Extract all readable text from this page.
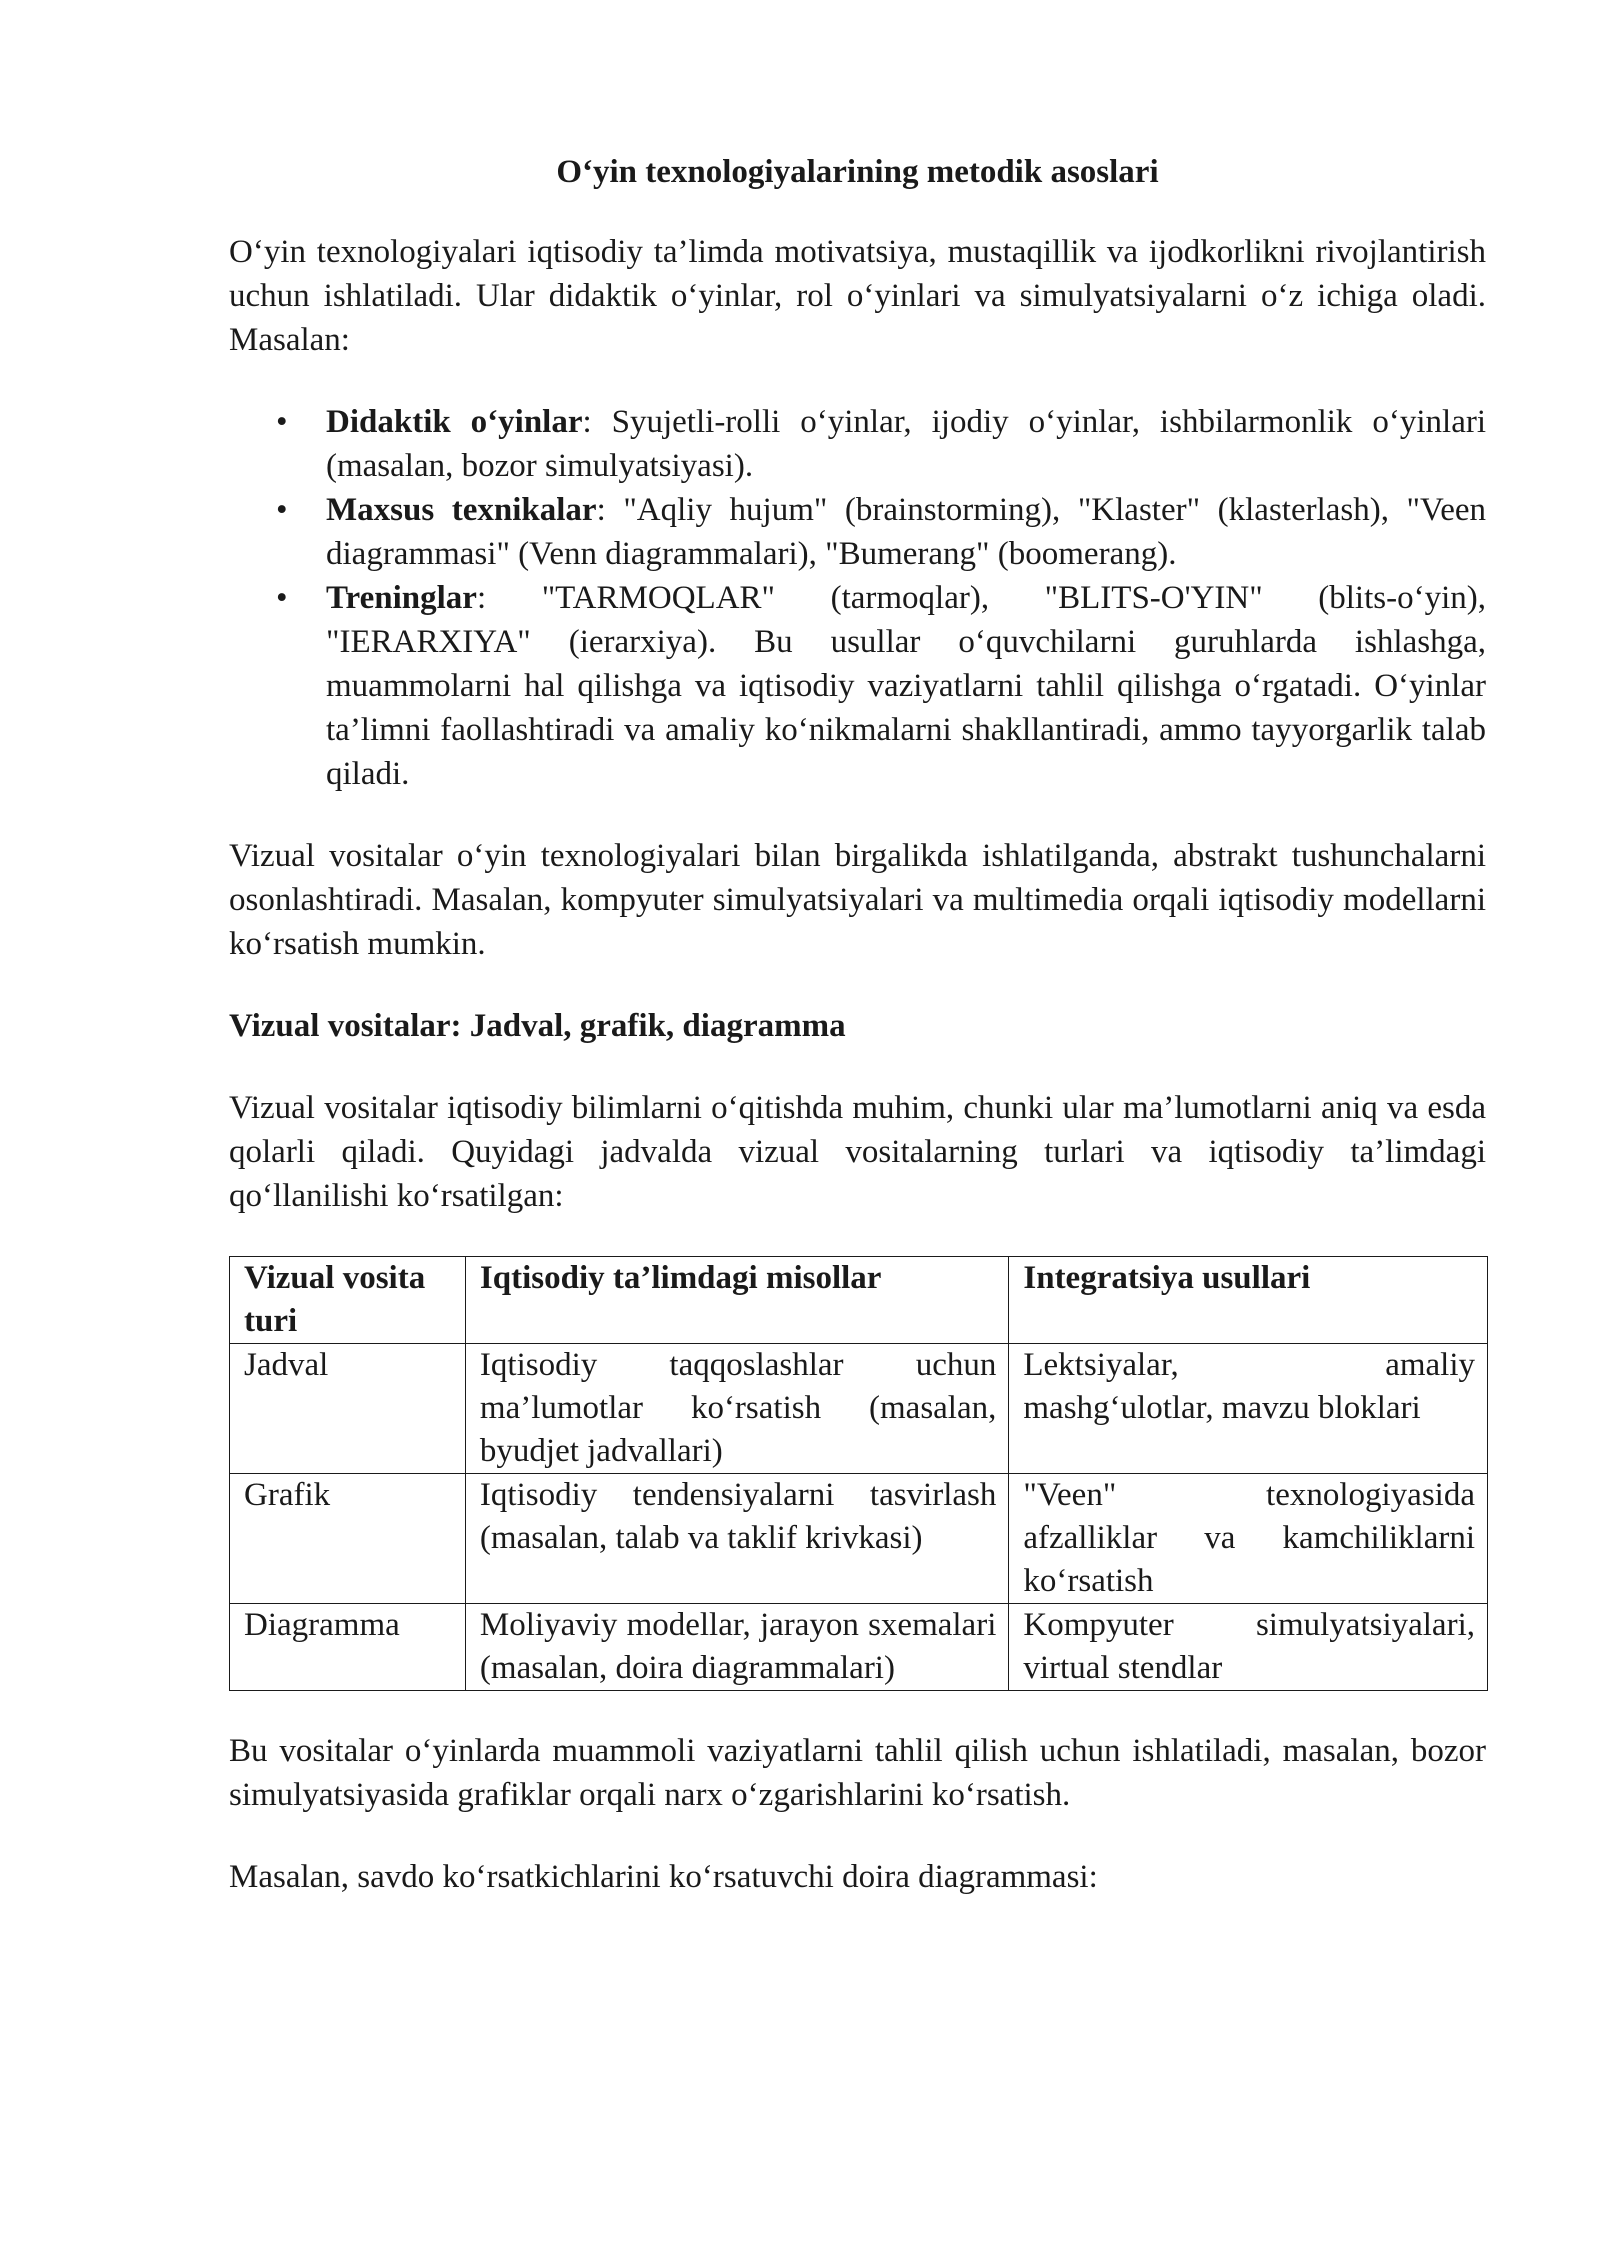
O‘yin texnologiyalarining metodik asoslari

O‘yin texnologiyalari iqtisodiy ta’limda motivatsiya, mustaqillik va ijodkorlikni rivojlantirish uchun ishlatiladi. Ular didaktik o‘yinlar, rol o‘yinlari va simulyatsiyalarni o‘z ichiga oladi. Masalan:

• Didaktik o‘yinlar: Syujetli-rolli o‘yinlar, ijodiy o‘yinlar, ishbilarmonlik o‘yinlari (masalan, bozor simulyatsiyasi).
• Maxsus texnikalar: "Aqliy hujum" (brainstorming), "Klaster" (klasterlash), "Veen diagrammasi" (Venn diagrammalari), "Bumerang" (boomerang).
• Treninglar: "TARMOQLAR" (tarmoqlar), "BLITS-O'YIN" (blits-o‘yin), "IERARXIYA" (ierarxiya). Bu usullar o‘quvchilarni guruhlarda ishlashga, muammolarni hal qilishga va iqtisodiy vaziyatlarni tahlil qilishga o‘rgatadi. O‘yinlar ta’limni faollashtiradi va amaliy ko‘nikmalarni shakllantiradi, ammo tayyorgarlik talab qiladi.

Vizual vositalar o‘yin texnologiyalari bilan birgalikda ishlatilganda, abstrakt tushunchalarni osonlashtiradi. Masalan, kompyuter simulyatsiyalari va multimedia orqali iqtisodiy modellarni ko‘rsatish mumkin.

Vizual vositalar: Jadval, grafik, diagramma

Vizual vositalar iqtisodiy bilimlarni o‘qitishda muhim, chunki ular ma’lumotlarni aniq va esda qolarli qiladi. Quyidagi jadvalda vizual vositalarning turlari va iqtisodiy ta’limdagi qo‘llanilishi ko‘rsatilgan:

Vizual vosita turi	Iqtisodiy ta’limdagi misollar	Integratsiya usullari
Jadval	Iqtisodiy taqqoslashlar uchun ma’lumotlar ko‘rsatish (masalan, byudjet jadvallari)	Lektsiyalar, amaliy mashg‘ulotlar, mavzu bloklari
Grafik	Iqtisodiy tendensiyalarni tasvirlash (masalan, talab va taklif krivkasi)	"Veen" texnologiyasida afzalliklar va kamchiliklarni ko‘rsatish
Diagramma	Moliyaviy modellar, jarayon sxemalari (masalan, doira diagrammalari)	Kompyuter simulyatsiyalari, virtual stendlar

Bu vositalar o‘yinlarda muammoli vaziyatlarni tahlil qilish uchun ishlatiladi, masalan, bozor simulyatsiyasida grafiklar orqali narx o‘zgarishlarini ko‘rsatish.

Masalan, savdo ko‘rsatkichlarini ko‘rsatuvchi doira diagrammasi:
